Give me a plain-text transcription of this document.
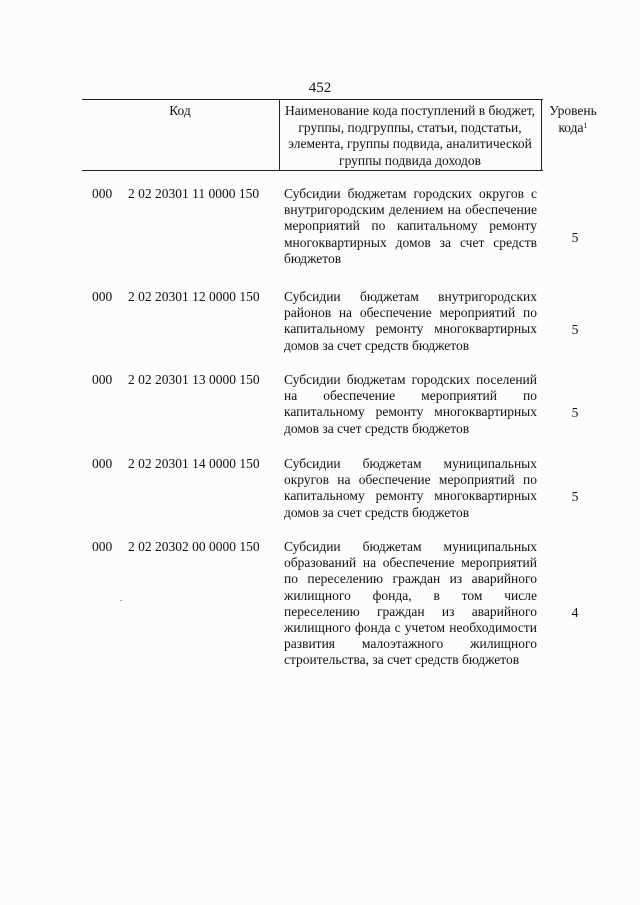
452
Код	Наименование кода поступлений в бюджет, группы, подгруппы, статьи, подстатьи, элемента, группы подвида, аналитической группы подвида доходов
Уровень кода$^1$
000 2 02 20301 11 0000 150 Субсидии бюджетам городских округов с внутригородским делением на обеспечение мероприятий по капитальному ремонту многоквартирных домов за счет средств бюджетов
5
000 2 02 20301 12 0000 150 Субсидии бюджетам внутригородских районов на обеспечение мероприятий по капитальному ремонту многоквартирных домов за счет средств бюджетов
5
000 2 02 20301 13 0000 150 Субсидии бюджетам городских поселений на обеспечение мероприятий по капитальному ремонту многоквартирных домов за счет средств бюджетов
5
000 2 02 20301 14 0000 150 Субсидии бюджетам муниципальных округов на обеспечение мероприятий по капитальному ремонту многоквартирных домов за счет средств бюджетов
5
000 2 02 20302 00 0000 150 Субсидии бюджетам муниципальных образований на обеспечение мероприятий по переселению граждан из аварийного жилищного фонда, в том числе переселению граждан из аварийного жилищного фонда с учетом необходимости развития малоэтажного жилищного строительства, за счет средств бюджетов
4
